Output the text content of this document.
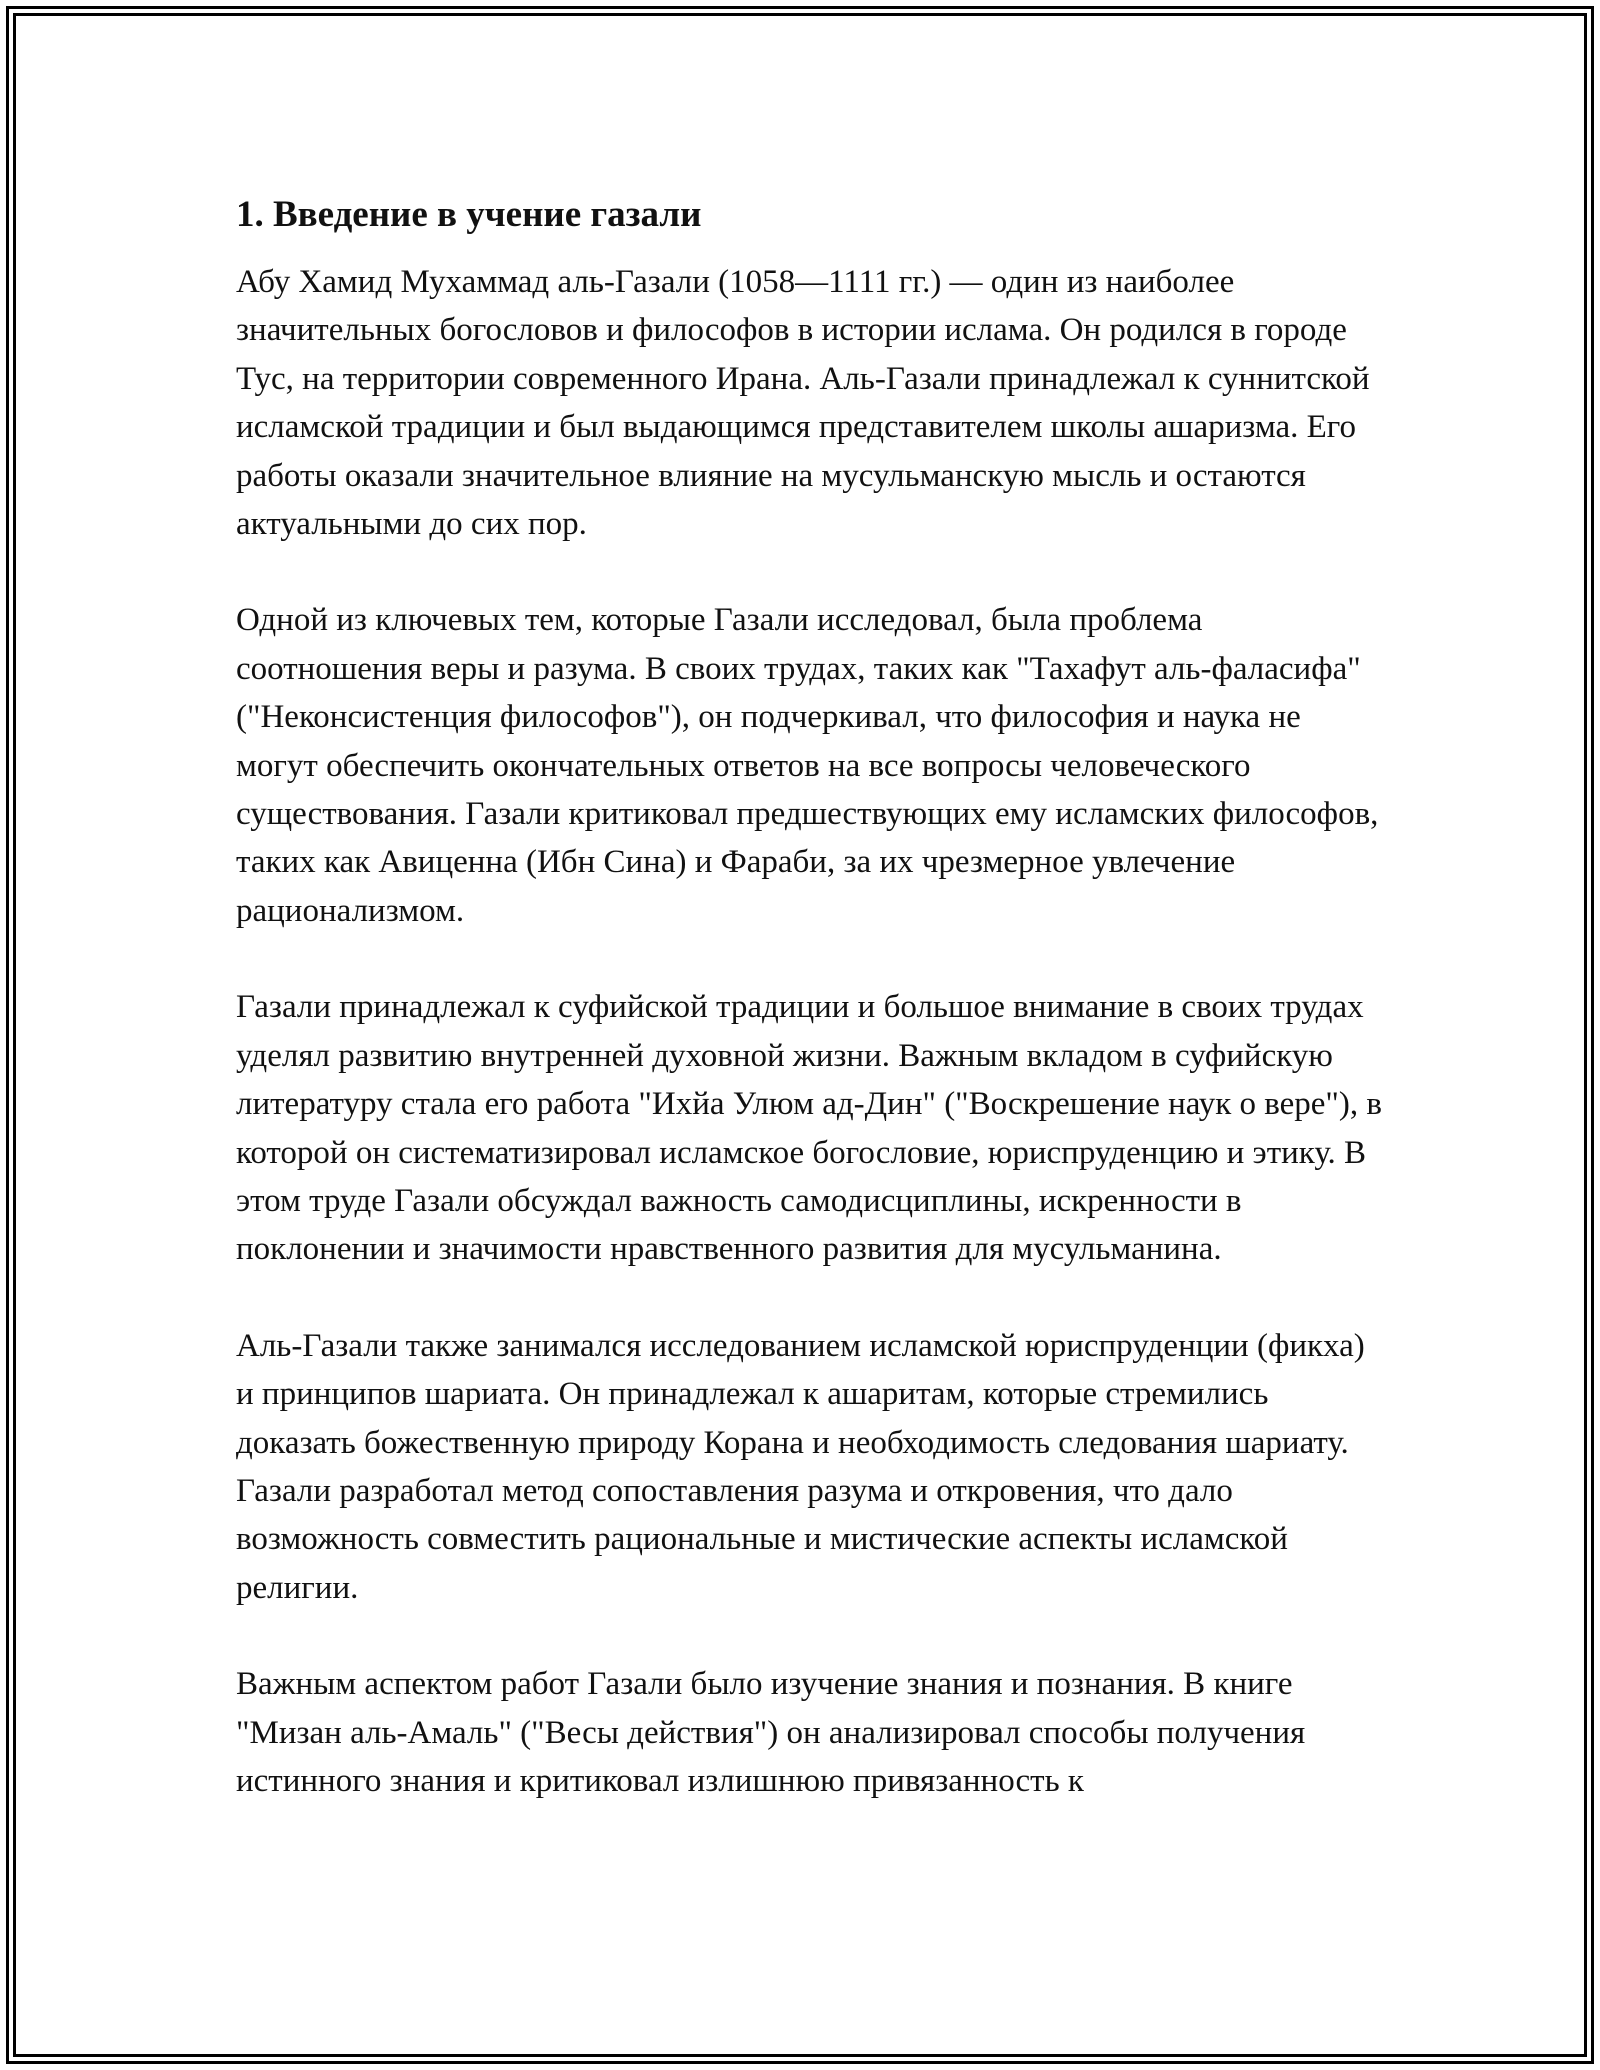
1. Введение в учение газали

Абу Хамид Мухаммад аль-Газали (1058—1111 гг.) — один из наиболее значительных богословов и философов в истории ислама. Он родился в городе Тус, на территории современного Ирана. Аль-Газали принадлежал к суннитской исламской традиции и был выдающимся представителем школы ашаризма. Его работы оказали значительное влияние на мусульманскую мысль и остаются актуальными до сих пор.

Одной из ключевых тем, которые Газали исследовал, была проблема соотношения веры и разума. В своих трудах, таких как "Тахафут аль-фаласифа" ("Неконсистенция философов"), он подчеркивал, что философия и наука не могут обеспечить окончательных ответов на все вопросы человеческого существования. Газали критиковал предшествующих ему исламских философов, таких как Авиценна (Ибн Сина) и Фараби, за их чрезмерное увлечение рационализмом.

Газали принадлежал к суфийской традиции и большое внимание в своих трудах уделял развитию внутренней духовной жизни. Важным вкладом в суфийскую литературу стала его работа "Ихйа Улюм ад-Дин" ("Воскрешение наук о вере"), в которой он систематизировал исламское богословие, юриспруденцию и этику. В этом труде Газали обсуждал важность самодисциплины, искренности в поклонении и значимости нравственного развития для мусульманина.

Аль-Газали также занимался исследованием исламской юриспруденции (фикха) и принципов шариата. Он принадлежал к ашаритам, которые стремились доказать божественную природу Корана и необходимость следования шариату. Газали разработал метод сопоставления разума и откровения, что дало возможность совместить рациональные и мистические аспекты исламской религии.

Важным аспектом работ Газали было изучение знания и познания. В книге "Мизан аль-Амаль" ("Весы действия") он анализировал способы получения истинного знания и критиковал излишнюю привязанность к
